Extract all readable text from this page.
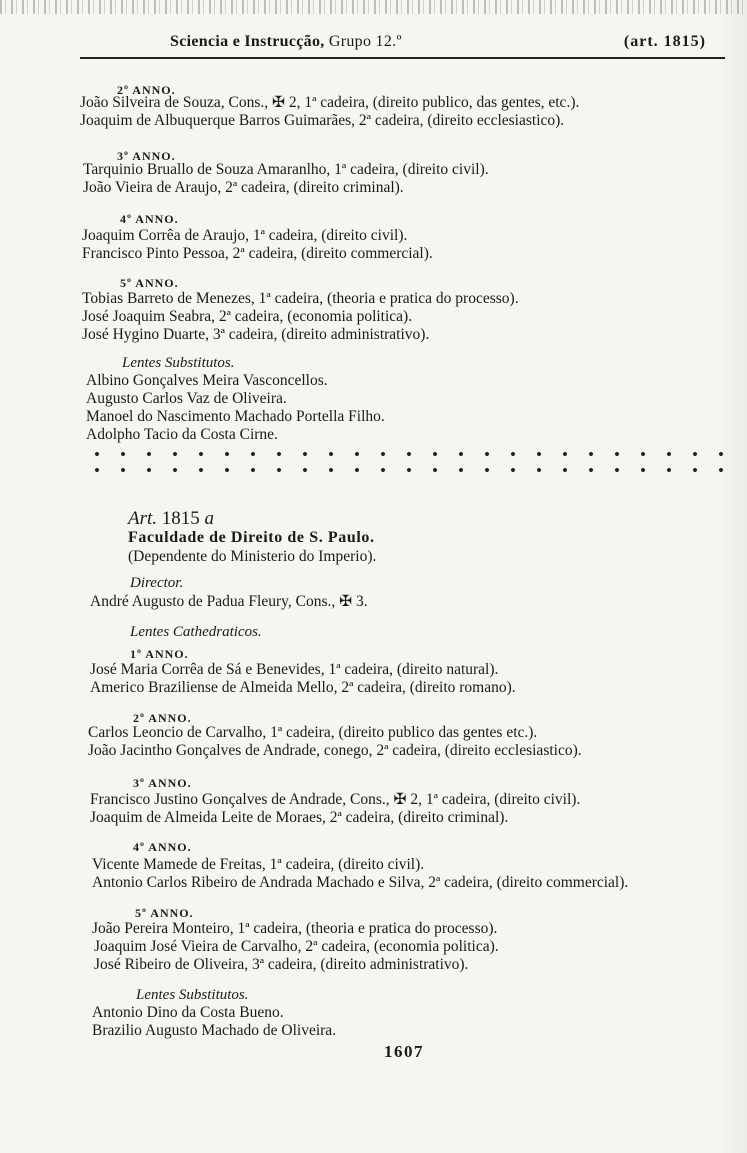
Sciencia e Instrucção, Grupo 12.º	(art. 1815)
2º ANNO.
João Silveira de Souza, Cons., ✠ 2, 1ª cadeira, (direito publico, das gentes, etc.).
Joaquim de Albuquerque Barros Guimarães, 2ª cadeira, (direito ecclesiastico).
3º ANNO.
Tarquinio Bruallo de Souza Amaranlho, 1ª cadeira, (direito civil).
João Vieira de Araujo, 2ª cadeira, (direito criminal).
4º ANNO.
Joaquim Corrêa de Araujo, 1ª cadeira, (direito civil).
Francisco Pinto Pessoa, 2ª cadeira, (direito commercial).
5º ANNO.
Tobias Barreto de Menezes, 1ª cadeira, (theoria e pratica do processo).
José Joaquim Seabra, 2ª cadeira, (economia politica).
José Hygino Duarte, 3ª cadeira, (direito administrativo).
Lentes Substitutos.
Albino Gonçalves Meira Vasconcellos.
Augusto Carlos Vaz de Oliveira.
Manoel do Nascimento Machado Portella Filho.
Adolpho Tacio da Costa Cirne.
Art. 1815 a
Faculdade de Direito de S. Paulo.
(Dependente do Ministerio do Imperio).
Director.
André Augusto de Padua Fleury, Cons., ✠ 3.
Lentes Cathedraticos.
1º ANNO.
José Maria Corrêa de Sá e Benevides, 1ª cadeira, (direito natural).
Americo Braziliense de Almeida Mello, 2ª cadeira, (direito romano).
2º ANNO.
Carlos Leoncio de Carvalho, 1ª cadeira, (direito publico das gentes etc.).
João Jacintho Gonçalves de Andrade, conego, 2ª cadeira, (direito ecclesiastico).
3º ANNO.
Francisco Justino Gonçalves de Andrade, Cons., ✠ 2, 1ª cadeira, (direito civil).
Joaquim de Almeida Leite de Moraes, 2ª cadeira, (direito criminal).
4º ANNO.
Vicente Mamede de Freitas, 1ª cadeira, (direito civil).
Antonio Carlos Ribeiro de Andrada Machado e Silva, 2ª cadeira, (direito commercial).
5º ANNO.
João Pereira Monteiro, 1ª cadeira, (theoria e pratica do processo).
Joaquim José Vieira de Carvalho, 2ª cadeira, (economia politica).
José Ribeiro de Oliveira, 3ª cadeira, (direito administrativo).
Lentes Substitutos.
Antonio Dino da Costa Bueno.
Brazilio Augusto Machado de Oliveira.
1607
